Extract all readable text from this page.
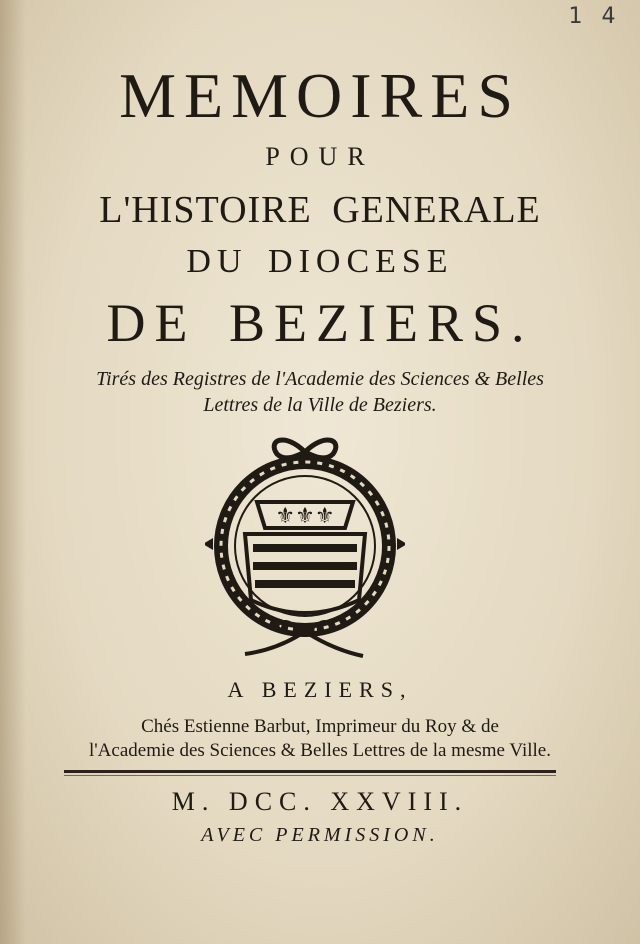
1 4
MEMOIRES
POUR
L'HISTOIRE GENERALE
DU DIOCESE
DE BEZIERS.
Tirés des Registres de l'Academie des Sciences & Belles
Lettres de la Ville de Beziers.
⚜⚜⚜
A BEZIERS,
Chés Estienne Barbut, Imprimeur du Roy & de
l'Academie des Sciences & Belles Lettres de la mesme Ville.
M. DCC. XXVIII.
AVEC PERMISSION.
